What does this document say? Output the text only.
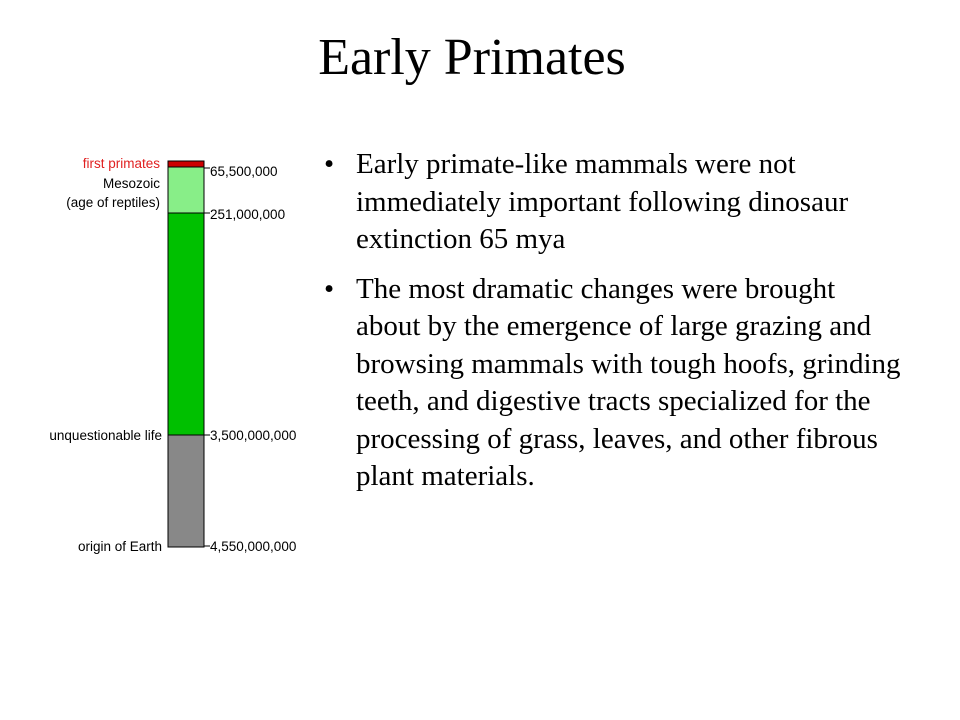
Early Primates
first primates
Mesozoic
(age of reptiles)
unquestionable life
origin of Earth
65,500,000
251,000,000
3,500,000,000
4,550,000,000
• Early primate-like mammals were not immediately important following dinosaur extinction 65 mya
• The most dramatic changes were brought about by the emergence of large grazing and browsing mammals with tough hoofs, grinding teeth, and digestive tracts specialized for the processing of grass, leaves, and other fibrous plant materials.
